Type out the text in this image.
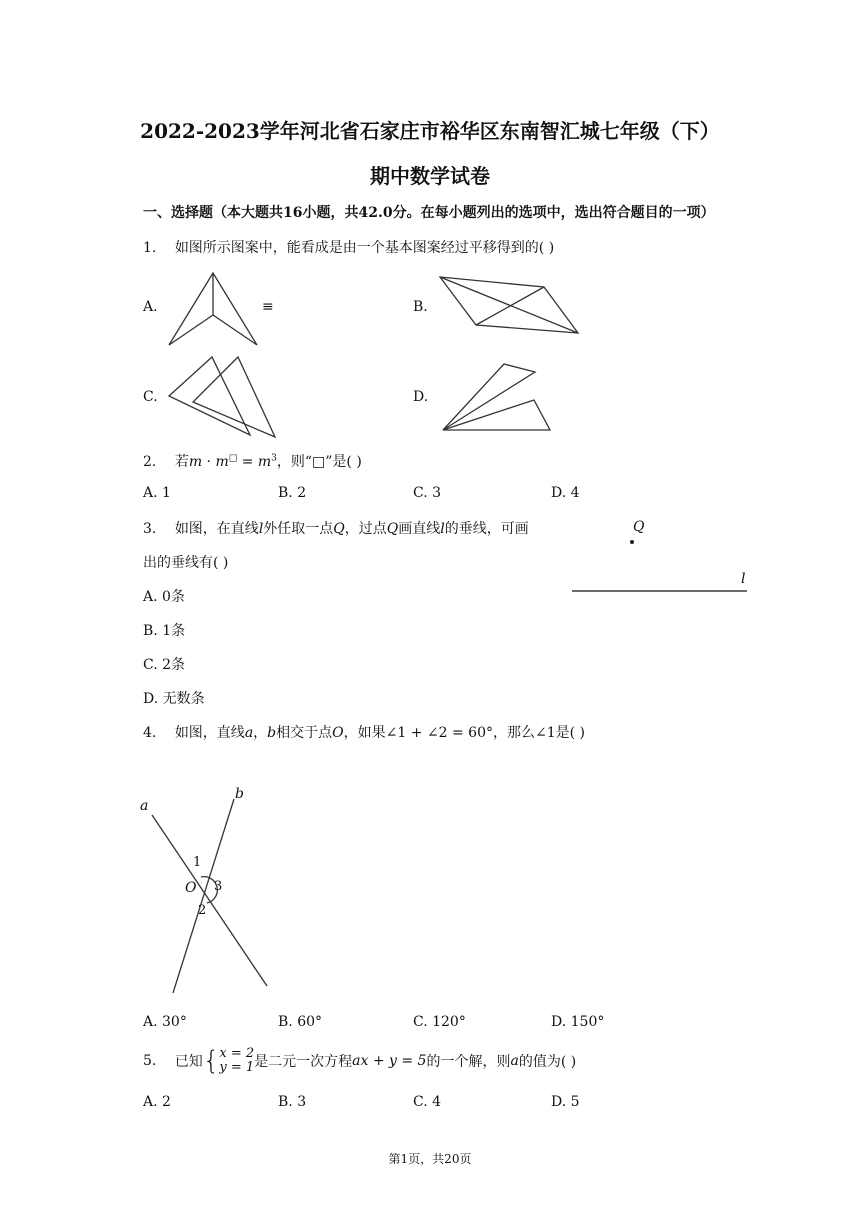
2022-2023学年河北省石家庄市裕华区东南智汇城七年级（下）
期中数学试卷
一、选择题（本大题共16小题，共42.0分。在每小题列出的选项中，选出符合题目的一项）
1. 如图所示图案中，能看成是由一个基本图案经过平移得到的( )
A.	≡	B.
C.	D.
2. 若$m \cdot m^□ = m^3$，则“□”是( )
A. 1	B. 2	C. 3	D. 4
3. 如图，在直线l外任取一点Q，过点Q画直线l的垂线，可画
出的垂线有( )
A. 0条
B. 1条
C. 2条
D. 无数条
Q
l
4. 如图，直线a，b相交于点O，如果∠1 + ∠2 = 60°，那么∠1是( )
a
b
O
1
2
3
A. 30°	B. 60°	C. 120°	D. 150°
5. 已知{x = 2
y = 1是二元一次方程ax + y = 5的一个解，则a的值为( )
A. 2	B. 3	C. 4	D. 5
第1页，共20页
